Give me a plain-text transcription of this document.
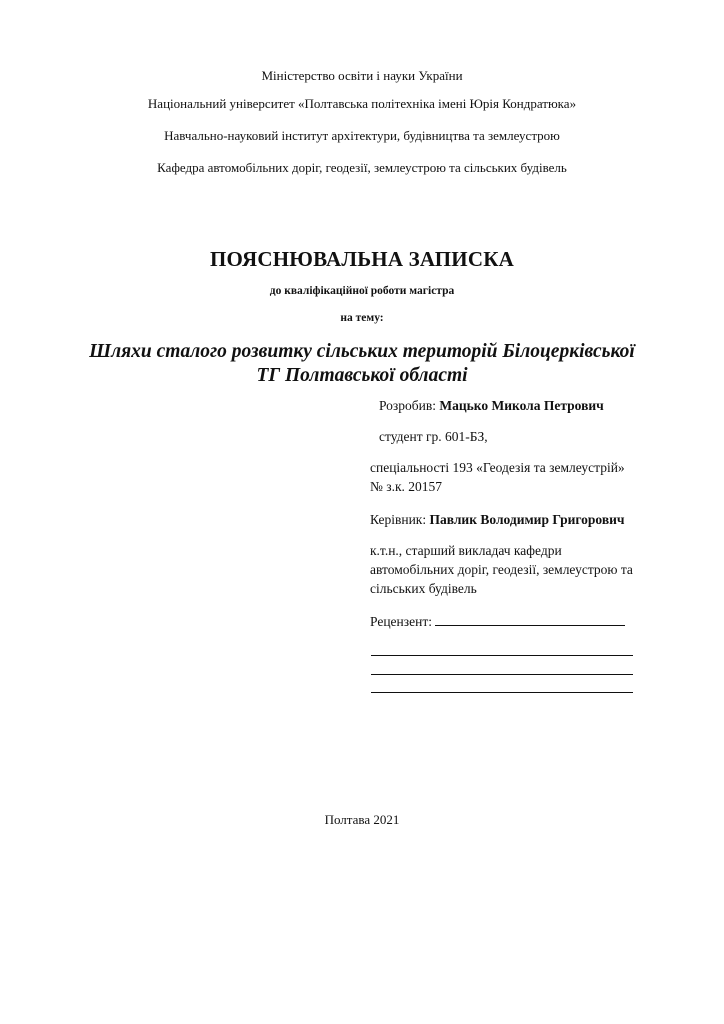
Міністерство освіти і науки України
Національний університет «Полтавська політехніка імені Юрія Кондратюка»
Навчально-науковий інститут архітектури, будівництва та землеустрою
Кафедра автомобільних доріг, геодезії, землеустрою та сільських будівель
ПОЯСНЮВАЛЬНА ЗАПИСКА
до кваліфікаційної роботи магістра
на тему:
Шляхи сталого розвитку сільських територій Білоцерківської
ТГ Полтавської області
Розробив: Мацько Микола Петрович
студент гр. 601-БЗ,
спеціальності 193 «Геодезія та землеустрій»
№ з.к. 20157
Керівник: Павлик Володимир Григорович
к.т.н., старший викладач кафедри
автомобільних доріг, геодезії, землеустрою та
сільських будівель
Рецензент:
Полтава 2021
